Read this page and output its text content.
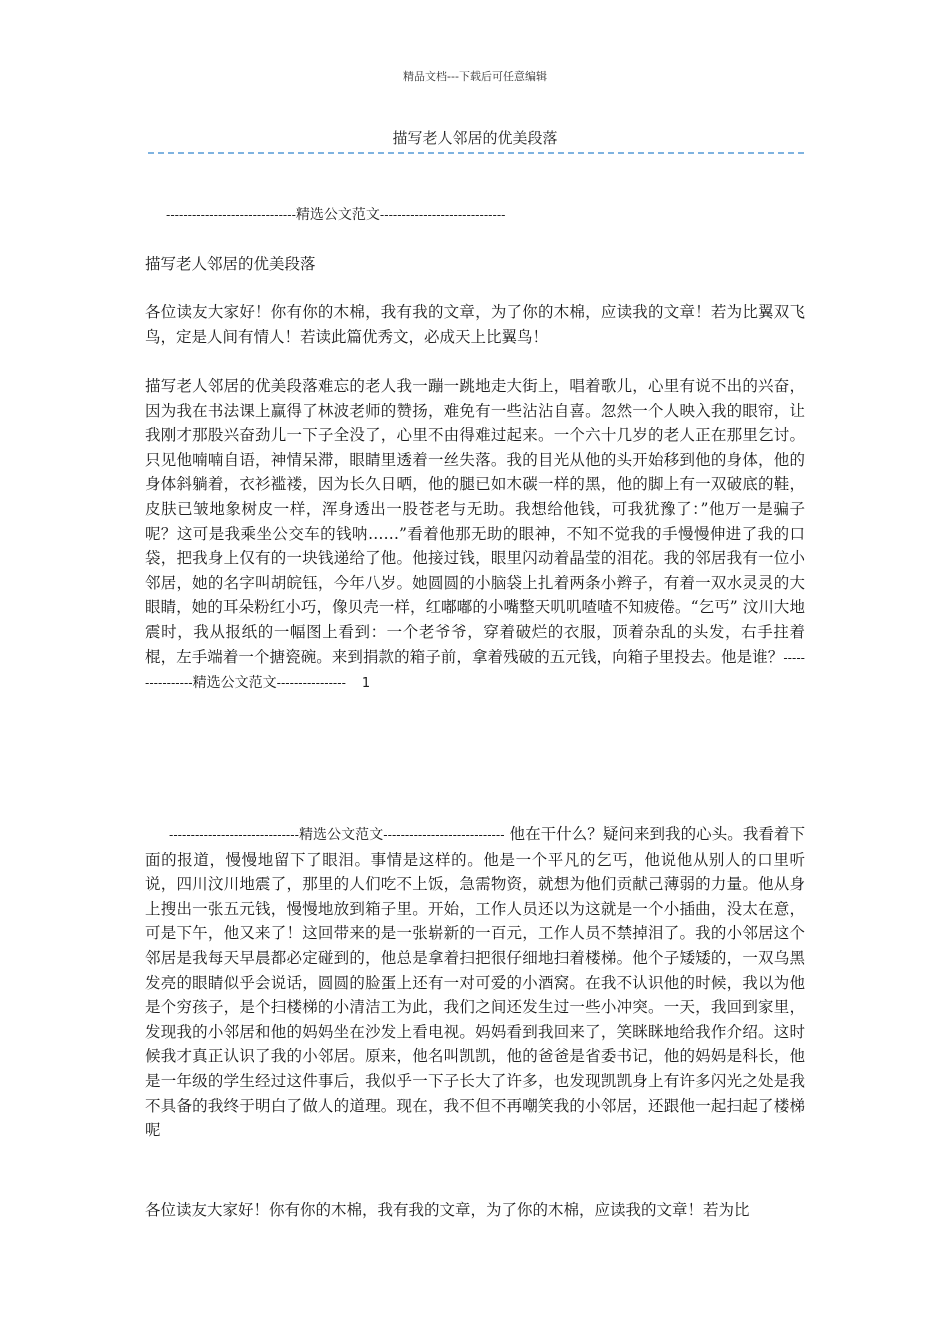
精品文档---下载后可任意编辑
描写老人邻居的优美段落
------------------------------精选公文范文-----------------------------

描写老人邻居的优美段落

各位读友大家好！你有你的木棉，我有我的文章，为了你的木棉，应读我的文章！若为比翼双飞鸟，定是人间有情人！若读此篇优秀文，必成天上比翼鸟！

描写老人邻居的优美段落难忘的老人我一蹦一跳地走大街上，唱着歌儿，心里有说不出的兴奋，因为我在书法课上赢得了林波老师的赞扬，难免有一些沾沾自喜。忽然一个人映入我的眼帘，让我刚才那股兴奋劲儿一下子全没了，心里不由得难过起来。一个六十几岁的老人正在那里乞讨。只见他喃喃自语，神情呆滞，眼睛里透着一丝失落。我的目光从他的头开始移到他的身体，他的身体斜躺着，衣衫褴褛，因为长久日晒，他的腿已如木碳一样的黑，他的脚上有一双破底的鞋，皮肤已皱地象树皮一样，浑身透出一股苍老与无助。我想给他钱，可我犹豫了：”他万一是骗子呢？这可是我乘坐公交车的钱呐……”看着他那无助的眼神，不知不觉我的手慢慢伸进了我的口袋，把我身上仅有的一块钱递给了他。他接过钱，眼里闪动着晶莹的泪花。我的邻居我有一位小邻居，她的名字叫胡皖钰，今年八岁。她圆圆的小脑袋上扎着两条小辫子，有着一双水灵灵的大眼睛，她的耳朵粉红小巧，像贝壳一样，红嘟嘟的小嘴整天叽叽喳喳不知疲倦。“乞丐” 汶川大地震时，我从报纸的一幅图上看到：一个老爷爷，穿着破烂的衣服，顶着杂乱的头发，右手拄着棍，左手端着一个搪瓷碗。来到捐款的箱子前，拿着残破的五元钱，向箱子里投去。他是谁？----------------精选公文范文---------------- 1

------------------------------精选公文范文---------------------------- 他在干什么？疑问来到我的心头。我看着下面的报道，慢慢地留下了眼泪。事情是这样的。他是一个平凡的乞丐，他说他从别人的口里听说，四川汶川地震了，那里的人们吃不上饭，急需物资，就想为他们贡献己薄弱的力量。他从身上搜出一张五元钱，慢慢地放到箱子里。开始，工作人员还以为这就是一个小插曲，没太在意，可是下午，他又来了！这回带来的是一张崭新的一百元，工作人员不禁掉泪了。我的小邻居这个邻居是我每天早晨都必定碰到的，他总是拿着扫把很仔细地扫着楼梯。他个子矮矮的，一双乌黑发亮的眼睛似乎会说话，圆圆的脸蛋上还有一对可爱的小酒窝。在我不认识他的时候，我以为他是个穷孩子，是个扫楼梯的小清洁工为此，我们之间还发生过一些小冲突。一天，我回到家里，发现我的小邻居和他的妈妈坐在沙发上看电视。妈妈看到我回来了，笑眯眯地给我作介绍。这时候我才真正认识了我的小邻居。原来，他名叫凯凯，他的爸爸是省委书记，他的妈妈是科长，他是一年级的学生经过这件事后，我似乎一下子长大了许多，也发现凯凯身上有许多闪光之处是我不具备的我终于明白了做人的道理。现在，我不但不再嘲笑我的小邻居，还跟他一起扫起了楼梯呢

各位读友大家好！你有你的木棉，我有我的文章，为了你的木棉，应读我的文章！若为比
